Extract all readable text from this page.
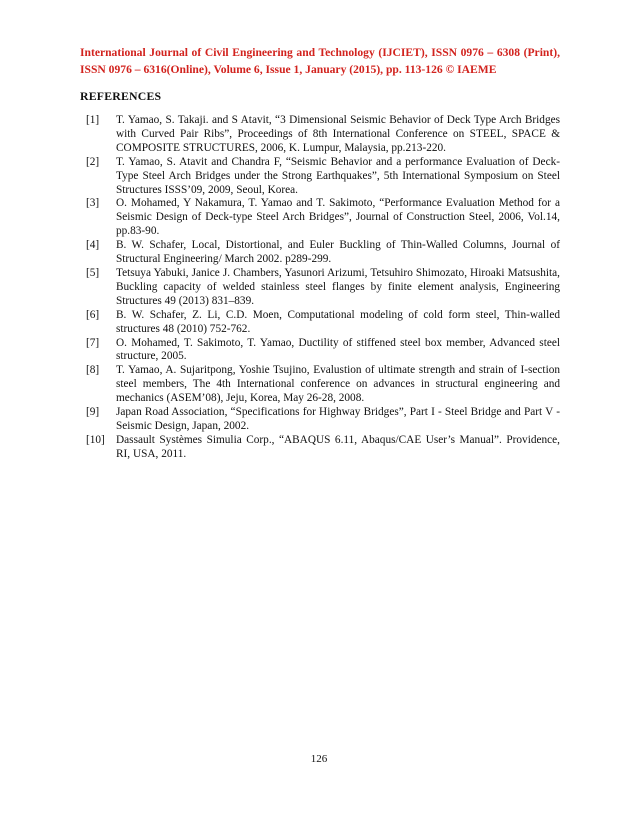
International Journal of Civil Engineering and Technology (IJCIET), ISSN 0976 – 6308 (Print), ISSN 0976 – 6316(Online), Volume 6, Issue 1, January (2015), pp. 113-126 © IAEME
REFERENCES
[1] T. Yamao, S. Takaji. and S Atavit, “3 Dimensional Seismic Behavior of Deck Type Arch Bridges with Curved Pair Ribs”, Proceedings of 8th International Conference on STEEL, SPACE & COMPOSITE STRUCTURES, 2006, K. Lumpur, Malaysia, pp.213-220.
[2] T. Yamao, S. Atavit and Chandra F, “Seismic Behavior and a performance Evaluation of Deck-Type Steel Arch Bridges under the Strong Earthquakes”, 5th International Symposium on Steel Structures ISSS’09, 2009, Seoul, Korea.
[3] O. Mohamed, Y Nakamura, T. Yamao and T. Sakimoto, “Performance Evaluation Method for a Seismic Design of Deck-type Steel Arch Bridges”, Journal of Construction Steel, 2006, Vol.14, pp.83-90.
[4] B. W. Schafer, Local, Distortional, and Euler Buckling of Thin-Walled Columns, Journal of Structural Engineering/ March 2002. p289-299.
[5] Tetsuya Yabuki, Janice J. Chambers, Yasunori Arizumi, Tetsuhiro Shimozato, Hiroaki Matsushita, Buckling capacity of welded stainless steel flanges by finite element analysis, Engineering Structures 49 (2013) 831–839.
[6] B. W. Schafer, Z. Li, C.D. Moen, Computational modeling of cold form steel, Thin-walled structures 48 (2010) 752-762.
[7] O. Mohamed, T. Sakimoto, T. Yamao, Ductility of stiffened steel box member, Advanced steel structure, 2005.
[8] T. Yamao, A. Sujaritpong, Yoshie Tsujino, Evalustion of ultimate strength and strain of I-section steel members, The 4th International conference on advances in structural engineering and mechanics (ASEM’08), Jeju, Korea, May 26-28, 2008.
[9] Japan Road Association, “Specifications for Highway Bridges”, Part I - Steel Bridge and Part V - Seismic Design, Japan, 2002.
[10] Dassault Systèmes Simulia Corp., “ABAQUS 6.11, Abaqus/CAE User’s Manual”. Providence, RI, USA, 2011.
126
